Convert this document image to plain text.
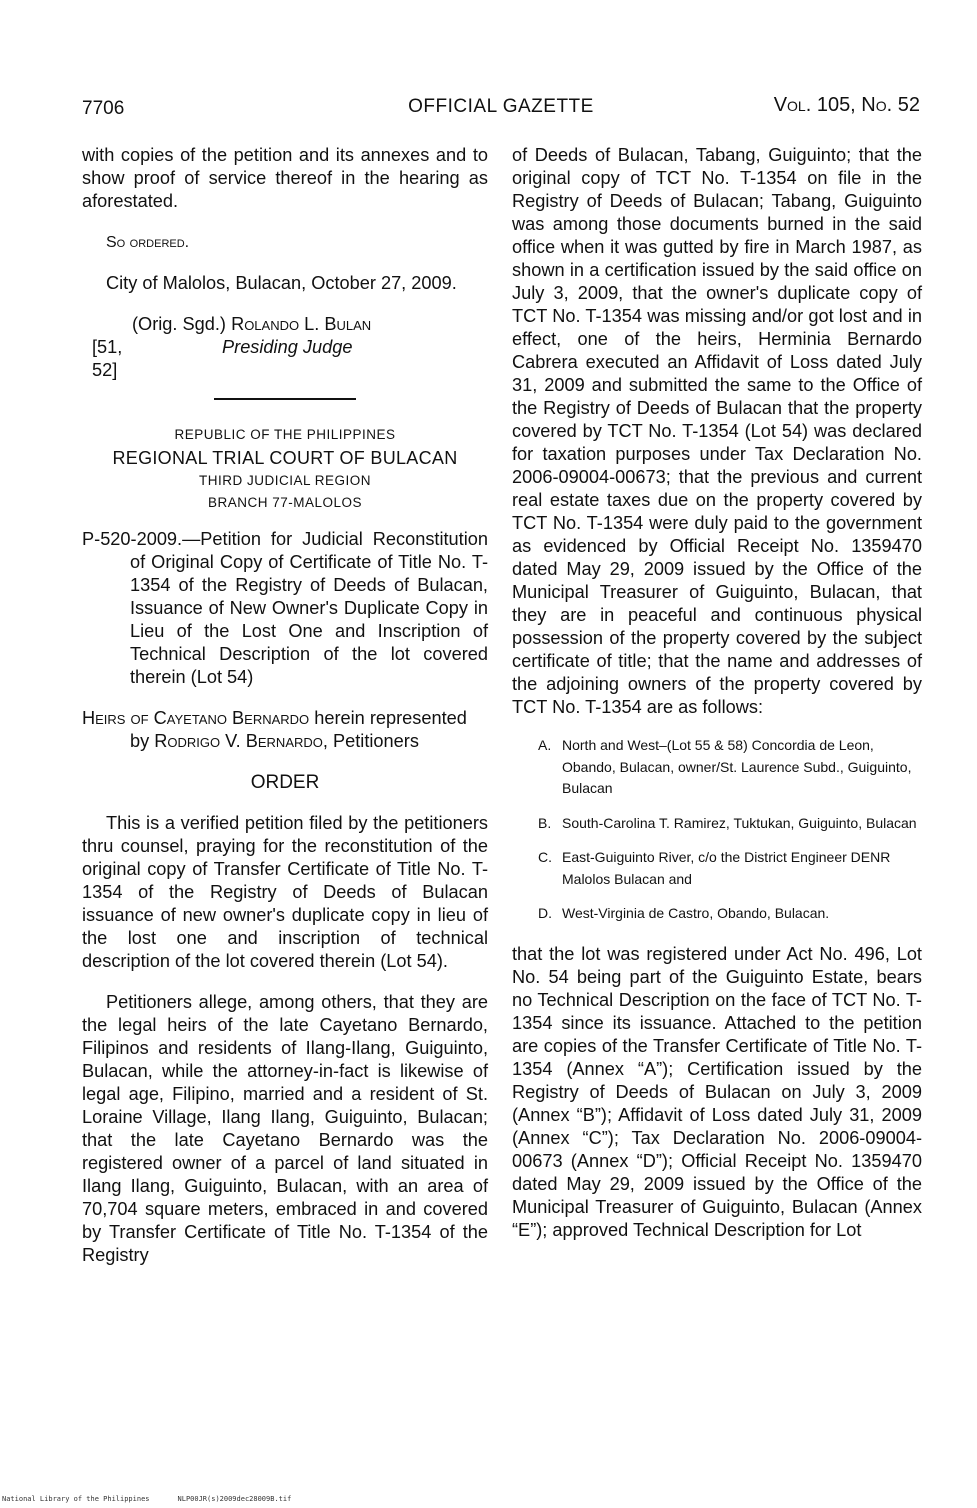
7706	OFFICIAL GAZETTE	Vol. 105, No. 52

with copies of the petition and its annexes and to show proof of service thereof in the hearing as aforestated.

So ordered.

City of Malolos, Bulacan, October 27, 2009.

(Orig. Sgd.) Rolando L. Bulan

[51, 52]
Presiding Judge
REPUBLIC OF THE PHILIPPINES
REGIONAL TRIAL COURT OF BULACAN
THIRD JUDICIAL REGION
BRANCH 77-MALOLOS

P-520-2009.—Petition for Judicial Reconstitution of Original Copy of Certificate of Title No. T-1354 of the Registry of Deeds of Bulacan, Issuance of New Owner's Duplicate Copy in Lieu of the Lost One and Inscription of Technical Description of the lot covered therein (Lot 54)

Heirs of Cayetano Bernardo herein represented by Rodrigo V. Bernardo, Petitioners

ORDER

This is a verified petition filed by the petitioners thru counsel, praying for the reconstitution of the original copy of Transfer Certificate of Title No. T-1354 of the Registry of Deeds of Bulacan issuance of new owner's duplicate copy in lieu of the lost one and inscription of technical description of the lot covered therein (Lot 54).

Petitioners allege, among others, that they are the legal heirs of the late Cayetano Bernardo, Filipinos and residents of Ilang-Ilang, Guiguinto, Bulacan, while the attorney-in-fact is likewise of legal age, Filipino, married and a resident of St. Loraine Village, Ilang Ilang, Guiguinto, Bulacan; that the late Cayetano Bernardo was the registered owner of a parcel of land situated in Ilang Ilang, Guiguinto, Bulacan, with an area of 70,704 square meters, embraced in and covered by Transfer Certificate of Title No. T-1354 of the Registry

of Deeds of Bulacan, Tabang, Guiguinto; that the original copy of TCT No. T-1354 on file in the Registry of Deeds of Bulacan; Tabang, Guiguinto was among those documents burned in the said office when it was gutted by fire in March 1987, as shown in a certification issued by the said office on July 3, 2009, that the owner's duplicate copy of TCT No. T-1354 was missing and/or got lost and in effect, one of the heirs, Herminia Bernardo Cabrera executed an Affidavit of Loss dated July 31, 2009 and submitted the same to the Office of the Registry of Deeds of Bulacan that the property covered by TCT No. T-1354 (Lot 54) was declared for taxation purposes under Tax Declaration No. 2006-09004-00673; that the previous and current real estate taxes due on the property covered by TCT No. T-1354 were duly paid to the government as evidenced by Official Receipt No. 1359470 dated May 29, 2009 issued by the Office of the Municipal Treasurer of Guiguinto, Bulacan, that they are in peaceful and continuous physical possession of the property covered by the subject certificate of title; that the name and addresses of the adjoining owners of the property covered by TCT No. T-1354 are as follows:

A. North and West–(Lot 55 & 58) Concordia de Leon, Obando, Bulacan, owner/St. Laurence Subd., Guiguinto, Bulacan
B. South-Carolina T. Ramirez, Tuktukan, Guiguinto, Bulacan
C. East-Guiguinto River, c/o the District Engineer DENR Malolos Bulacan and
D. West-Virginia de Castro, Obando, Bulacan.

that the lot was registered under Act No. 496, Lot No. 54 being part of the Guiguinto Estate, bears no Technical Description on the face of TCT No. T-1354 since its issuance. Attached to the petition are copies of the Transfer Certificate of Title No. T-1354 (Annex “A”); Certification issued by the Registry of Deeds of Bulacan on July 3, 2009 (Annex “B”); Affidavit of Loss dated July 31, 2009 (Annex “C”); Tax Declaration No. 2006-09004-00673 (Annex “D”); Official Receipt No. 1359470 dated May 29, 2009 issued by the Office of the Municipal Treasurer of Guiguinto, Bulacan (Annex “E”); approved Technical Description for Lot

National Library of the Philippines	NLP00JR(s)2009dec28009B.tif
